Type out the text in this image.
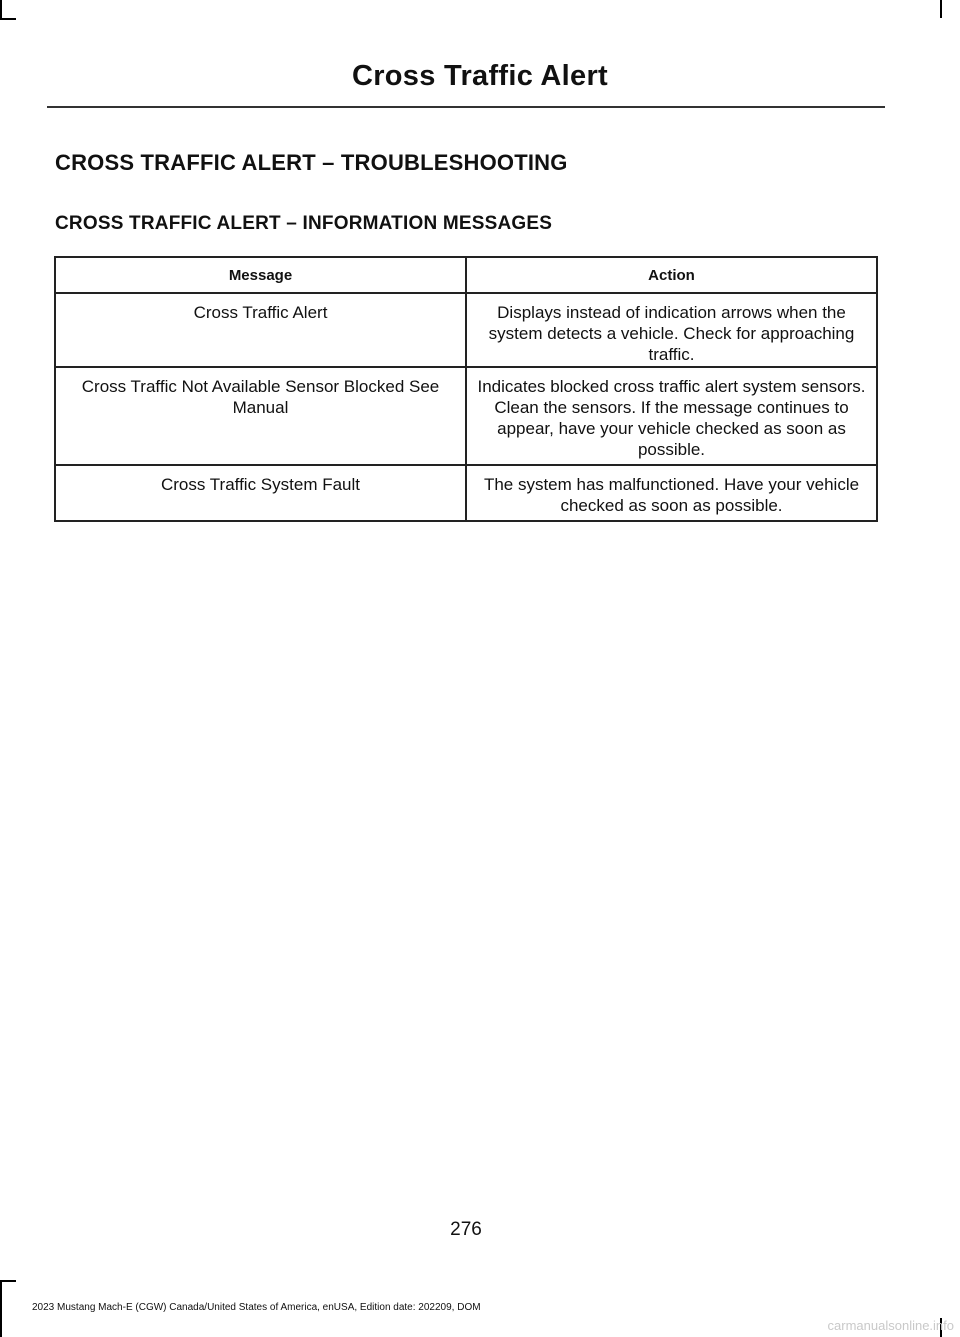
Cross Traffic Alert
CROSS TRAFFIC ALERT – TROUBLESHOOTING
CROSS TRAFFIC ALERT – INFORMATION MESSAGES
Message	Action
Cross Traffic Alert	Displays instead of indication arrows when the system detects a vehicle. Check for approaching traffic.
Cross Traffic Not Available Sensor Blocked See Manual	Indicates blocked cross traffic alert system sensors. Clean the sensors. If the message continues to appear, have your vehicle checked as soon as possible.
Cross Traffic System Fault	The system has malfunctioned. Have your vehicle checked as soon as possible.
276
2023 Mustang Mach-E (CGW) Canada/United States of America, enUSA, Edition date: 202209, DOM
carmanualsonline.info
